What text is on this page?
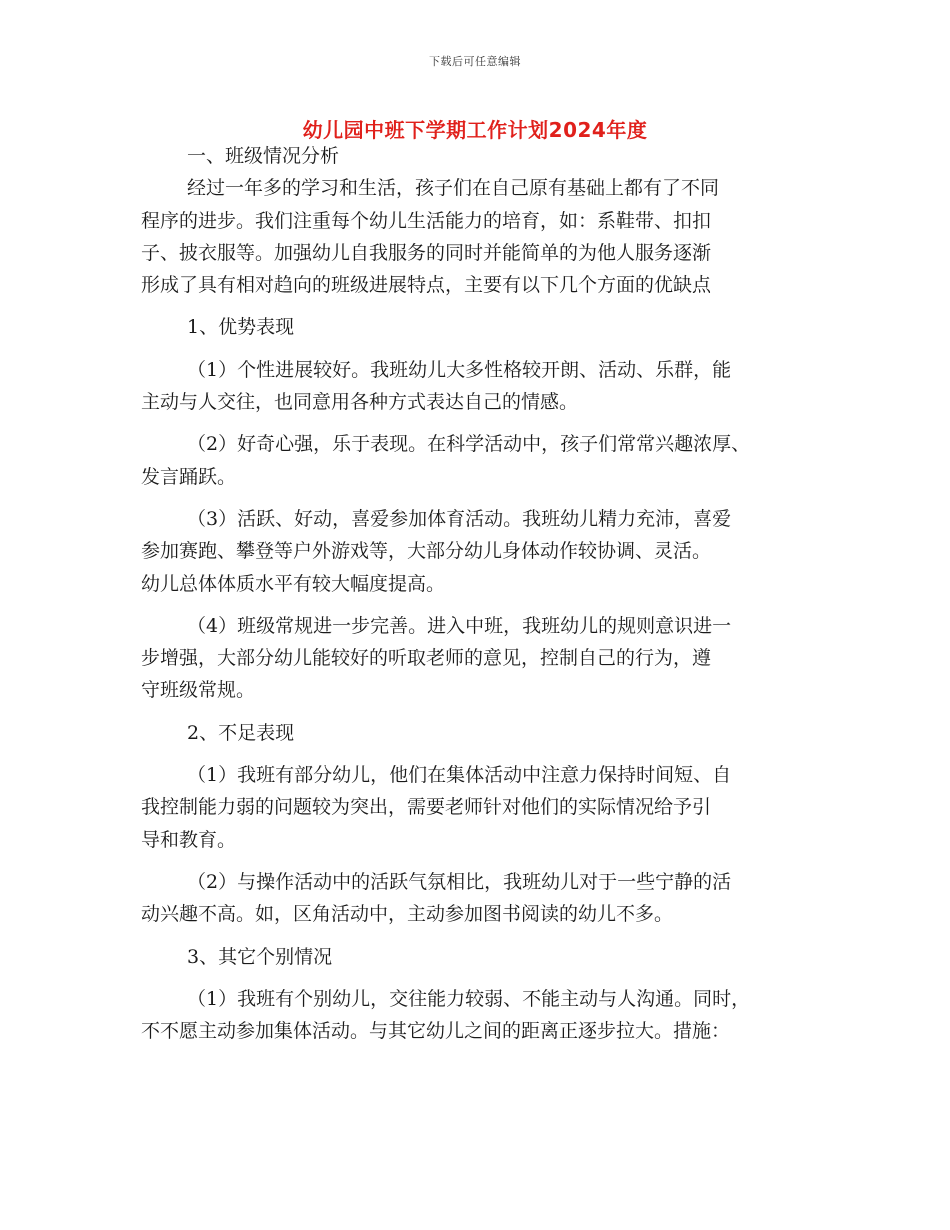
下载后可任意编辑
幼儿园中班下学期工作计划2024年度
一、班级情况分析
经过一年多的学习和生活，孩子们在自己原有基础上都有了不同
程序的进步。我们注重每个幼儿生活能力的培育，如：系鞋带、扣扣
子、披衣服等。加强幼儿自我服务的同时并能简单的为他人服务逐渐
形成了具有相对趋向的班级进展特点，主要有以下几个方面的优缺点
1、优势表现
（1）个性进展较好。我班幼儿大多性格较开朗、活动、乐群，能
主动与人交往，也同意用各种方式表达自己的情感。
（2）好奇心强，乐于表现。在科学活动中，孩子们常常兴趣浓厚、
发言踊跃。
（3）活跃、好动，喜爱参加体育活动。我班幼儿精力充沛，喜爱
参加赛跑、攀登等户外游戏等，大部分幼儿身体动作较协调、灵活。
幼儿总体体质水平有较大幅度提高。
（4）班级常规进一步完善。进入中班，我班幼儿的规则意识进一
步增强，大部分幼儿能较好的听取老师的意见，控制自己的行为，遵
守班级常规。
2、不足表现
（1）我班有部分幼儿，他们在集体活动中注意力保持时间短、自
我控制能力弱的问题较为突出，需要老师针对他们的实际情况给予引
导和教育。
（2）与操作活动中的活跃气氛相比，我班幼儿对于一些宁静的活
动兴趣不高。如，区角活动中，主动参加图书阅读的幼儿不多。
3、其它个别情况
（1）我班有个别幼儿，交往能力较弱、不能主动与人沟通。同时，
不不愿主动参加集体活动。与其它幼儿之间的距离正逐步拉大。措施：
